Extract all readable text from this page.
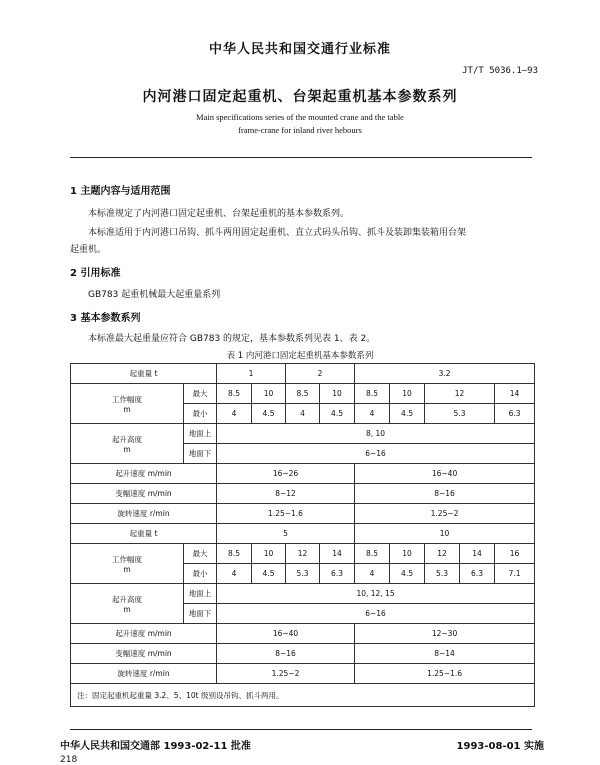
中华人民共和国交通行业标准
JT/T 5036.1—93
内河港口固定起重机、台架起重机基本参数系列
Main specifications series of the mounted crane and the table
frame-crane for inland river hebours
1 主题内容与适用范围
本标准规定了内河港口固定起重机、台架起重机的基本参数系列。
本标准适用于内河港口吊钩、抓斗两用固定起重机、直立式码头吊钩、抓斗及装卸集装箱用台架
起重机。
2 引用标准
GB783 起重机械最大起重量系列
3 基本参数系列
本标准最大起重量应符合 GB783 的规定，基本参数系列见表 1、表 2。
表 1 内河港口固定起重机基本参数系列
起重量 t		1		2		3.2				
工作幅度
m	最大	8.5	10	8.5	10	8.5	10	12		14
	最小	4	4.5	4	4.5	4	4.5	5.3		6.3
起升高度
m	地面上	8, 10								
	地面下	6~16								
起升速度 m/min		16~26				16~40				
变幅速度 m/min		8~12				8~16				
旋转速度 r/min		1.25~1.6				1.25~2				
起重量 t		5				10				
工作幅度
m	最大	8.5	10	12	14	8.5	10	12	14	16
	最小	4	4.5	5.3	6.3	4	4.5	5.3	6.3	7.1
起升高度
m	地面上	10, 12, 15								
	地面下	6~16								
起升速度 m/min		16~40				12~30				
变幅速度 m/min		8~16				8~14				
旋转速度 r/min		1.25~2				1.25~1.6				
注：固定起重机起重量 3.2、5、10t 级别设吊钩、抓斗两用。										
中华人民共和国交通部 1993-02-11 批准	1993-08-01 实施
218
